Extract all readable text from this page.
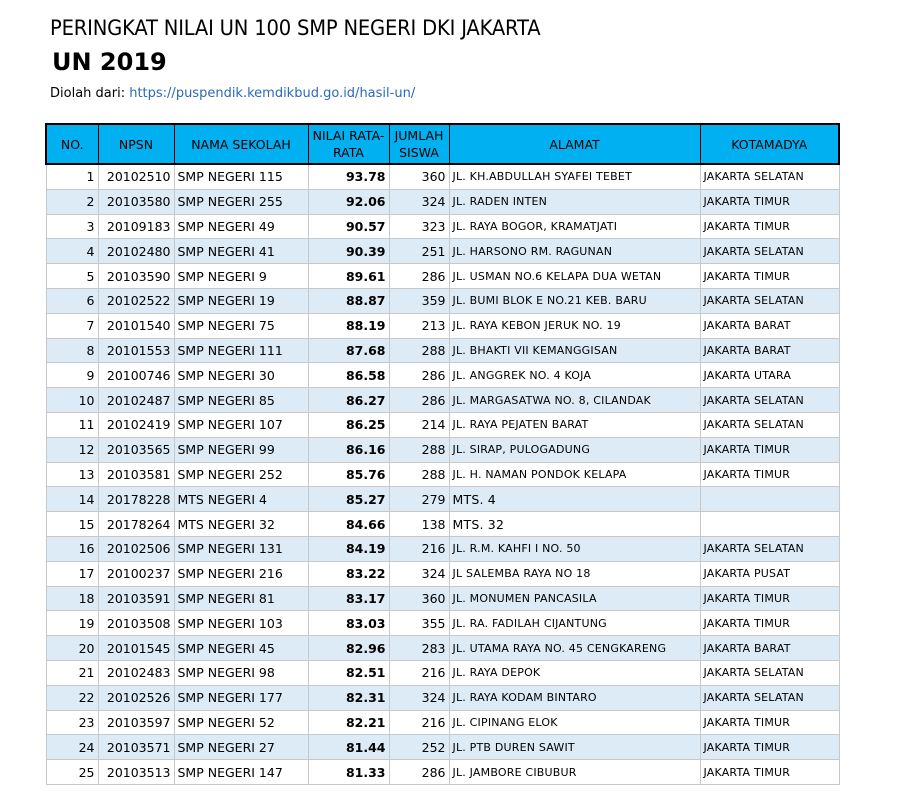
PERINGKAT NILAI UN 100 SMP NEGERI DKI JAKARTA
UN 2019
Diolah dari: https://puspendik.kemdikbud.go.id/hasil-un/
NO.	NPSN	NAMA SEKOLAH	NILAI RATA-
RATA	JUMLAH
SISWA	ALAMAT	KOTAMADYA
1	20102510	SMP NEGERI 115	93.78	360	JL. KH.ABDULLAH SYAFEI TEBET	JAKARTA SELATAN
2	20103580	SMP NEGERI 255	92.06	324	JL. RADEN INTEN	JAKARTA TIMUR
3	20109183	SMP NEGERI 49	90.57	323	JL. RAYA BOGOR, KRAMATJATI	JAKARTA TIMUR
4	20102480	SMP NEGERI 41	90.39	251	JL. HARSONO RM. RAGUNAN	JAKARTA SELATAN
5	20103590	SMP NEGERI 9	89.61	286	JL. USMAN NO.6 KELAPA DUA WETAN	JAKARTA TIMUR
6	20102522	SMP NEGERI 19	88.87	359	JL. BUMI BLOK E NO.21 KEB. BARU	JAKARTA SELATAN
7	20101540	SMP NEGERI 75	88.19	213	JL. RAYA KEBON JERUK NO. 19	JAKARTA BARAT
8	20101553	SMP NEGERI 111	87.68	288	JL. BHAKTI VII KEMANGGISAN	JAKARTA BARAT
9	20100746	SMP NEGERI 30	86.58	286	JL. ANGGREK NO. 4 KOJA	JAKARTA UTARA
10	20102487	SMP NEGERI 85	86.27	286	JL. MARGASATWA NO. 8, CILANDAK	JAKARTA SELATAN
11	20102419	SMP NEGERI 107	86.25	214	JL. RAYA PEJATEN BARAT	JAKARTA SELATAN
12	20103565	SMP NEGERI 99	86.16	288	JL. SIRAP, PULOGADUNG	JAKARTA TIMUR
13	20103581	SMP NEGERI 252	85.76	288	JL. H. NAMAN PONDOK KELAPA	JAKARTA TIMUR
14	20178228	MTS NEGERI 4	85.27	279	MTS. 4	
15	20178264	MTS NEGERI 32	84.66	138	MTS. 32	
16	20102506	SMP NEGERI 131	84.19	216	JL. R.M. KAHFI I NO. 50	JAKARTA SELATAN
17	20100237	SMP NEGERI 216	83.22	324	JL SALEMBA RAYA NO 18	JAKARTA PUSAT
18	20103591	SMP NEGERI 81	83.17	360	JL. MONUMEN PANCASILA	JAKARTA TIMUR
19	20103508	SMP NEGERI 103	83.03	355	JL. RA. FADILAH CIJANTUNG	JAKARTA TIMUR
20	20101545	SMP NEGERI 45	82.96	283	JL. UTAMA RAYA NO. 45 CENGKARENG	JAKARTA BARAT
21	20102483	SMP NEGERI 98	82.51	216	JL. RAYA DEPOK	JAKARTA SELATAN
22	20102526	SMP NEGERI 177	82.31	324	JL. RAYA KODAM BINTARO	JAKARTA SELATAN
23	20103597	SMP NEGERI 52	82.21	216	JL. CIPINANG ELOK	JAKARTA TIMUR
24	20103571	SMP NEGERI 27	81.44	252	JL. PTB DUREN SAWIT	JAKARTA TIMUR
25	20103513	SMP NEGERI 147	81.33	286	JL. JAMBORE CIBUBUR	JAKARTA TIMUR
